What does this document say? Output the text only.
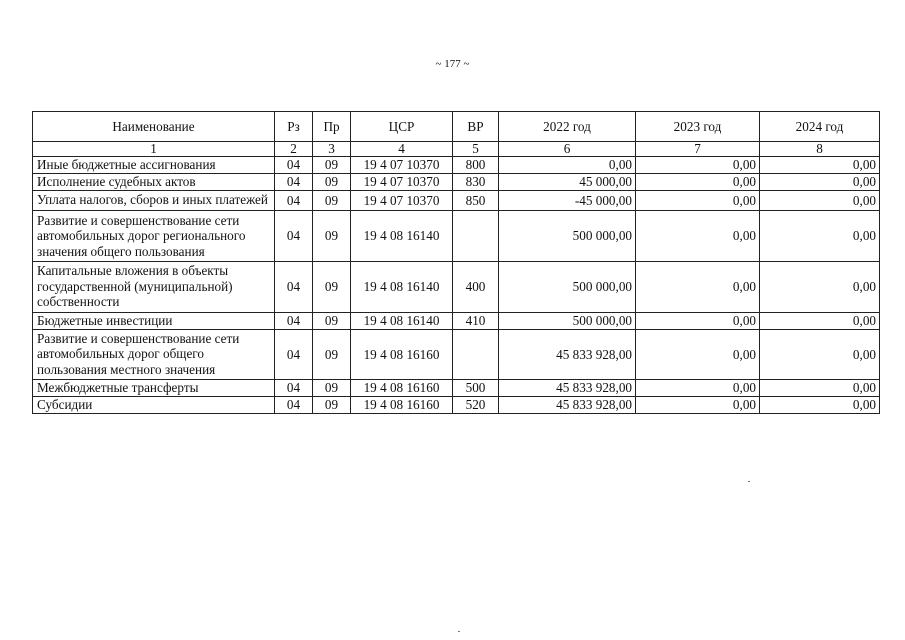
~ 177 ~
Наименование	Рз	Пр	ЦСР	ВР	2022 год	2023 год	2024 год
1	2	3	4	5	6	7	8
Иные бюджетные ассигнования	04	09	19 4 07 10370	800	0,00	0,00	0,00
Исполнение судебных актов	04	09	19 4 07 10370	830	45 000,00	0,00	0,00
Уплата налогов, сборов и иных платежей	04	09	19 4 07 10370	850	-45 000,00	0,00	0,00
Развитие и совершенствование сети автомобильных дорог регионального значения общего пользования	04	09	19 4 08 16140		500 000,00	0,00	0,00
Капитальные вложения в объекты государственной (муниципальной) собственности	04	09	19 4 08 16140	400	500 000,00	0,00	0,00
Бюджетные инвестиции	04	09	19 4 08 16140	410	500 000,00	0,00	0,00
Развитие и совершенствование сети автомобильных дорог общего пользования местного значения	04	09	19 4 08 16160		45 833 928,00	0,00	0,00
Межбюджетные трансферты	04	09	19 4 08 16160	500	45 833 928,00	0,00	0,00
Субсидии	04	09	19 4 08 16160	520	45 833 928,00	0,00	0,00
